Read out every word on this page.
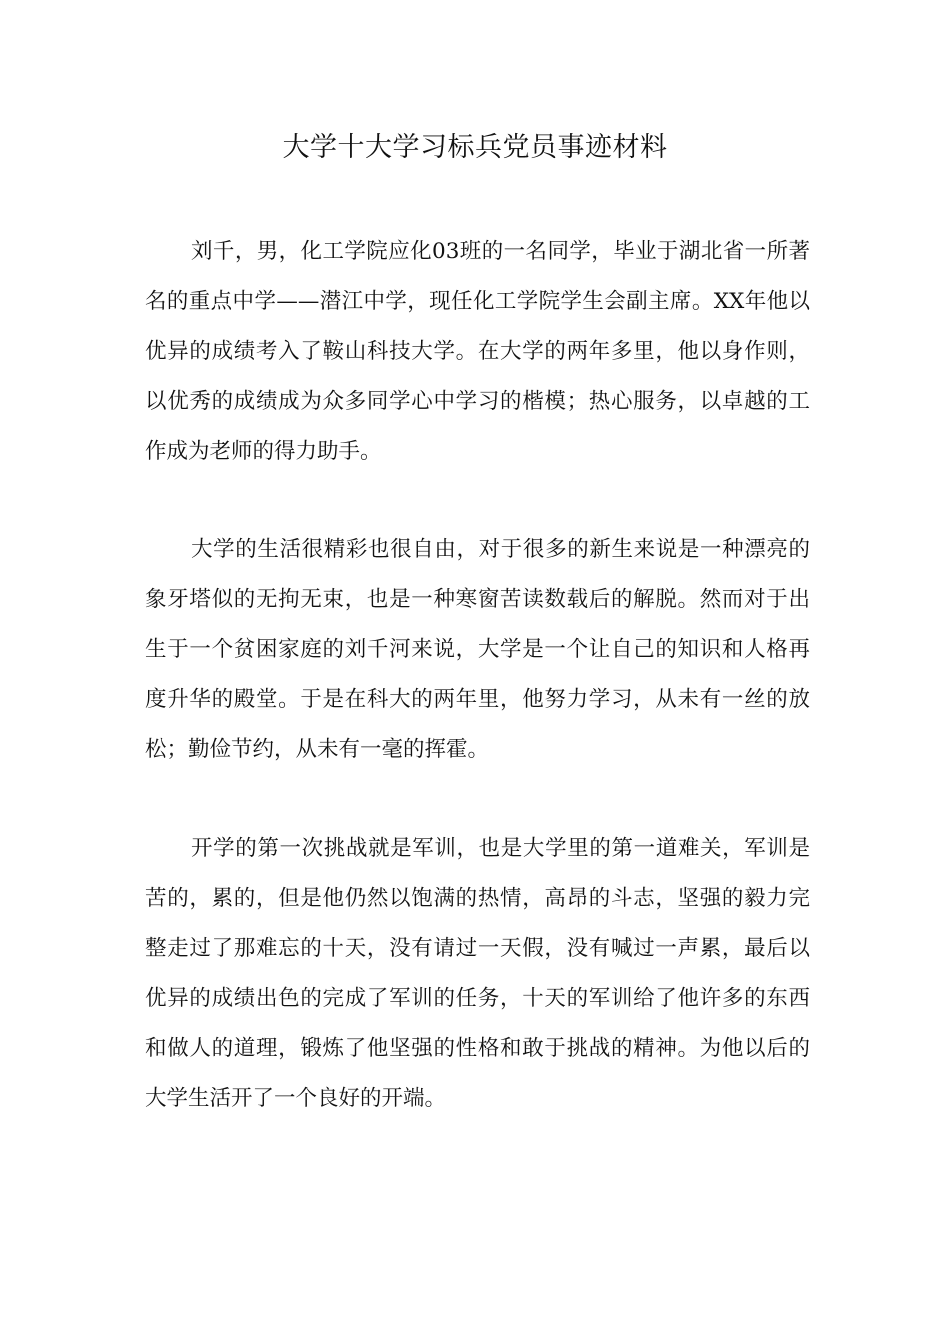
大学十大学习标兵党员事迹材料

刘千，男，化工学院应化03班的一名同学，毕业于湖北省一所著名的重点中学——潜江中学，现任化工学院学生会副主席。XX年他以优异的成绩考入了鞍山科技大学。在大学的两年多里，他以身作则，以优秀的成绩成为众多同学心中学习的楷模；热心服务，以卓越的工作成为老师的得力助手。

大学的生活很精彩也很自由，对于很多的新生来说是一种漂亮的象牙塔似的无拘无束，也是一种寒窗苦读数载后的解脱。然而对于出生于一个贫困家庭的刘千河来说，大学是一个让自己的知识和人格再度升华的殿堂。于是在科大的两年里，他努力学习，从未有一丝的放松；勤俭节约，从未有一毫的挥霍。

开学的第一次挑战就是军训，也是大学里的第一道难关，军训是苦的，累的，但是他仍然以饱满的热情，高昂的斗志，坚强的毅力完整走过了那难忘的十天，没有请过一天假，没有喊过一声累，最后以优异的成绩出色的完成了军训的任务，十天的军训给了他许多的东西和做人的道理，锻炼了他坚强的性格和敢于挑战的精神。为他以后的大学生活开了一个良好的开端。
